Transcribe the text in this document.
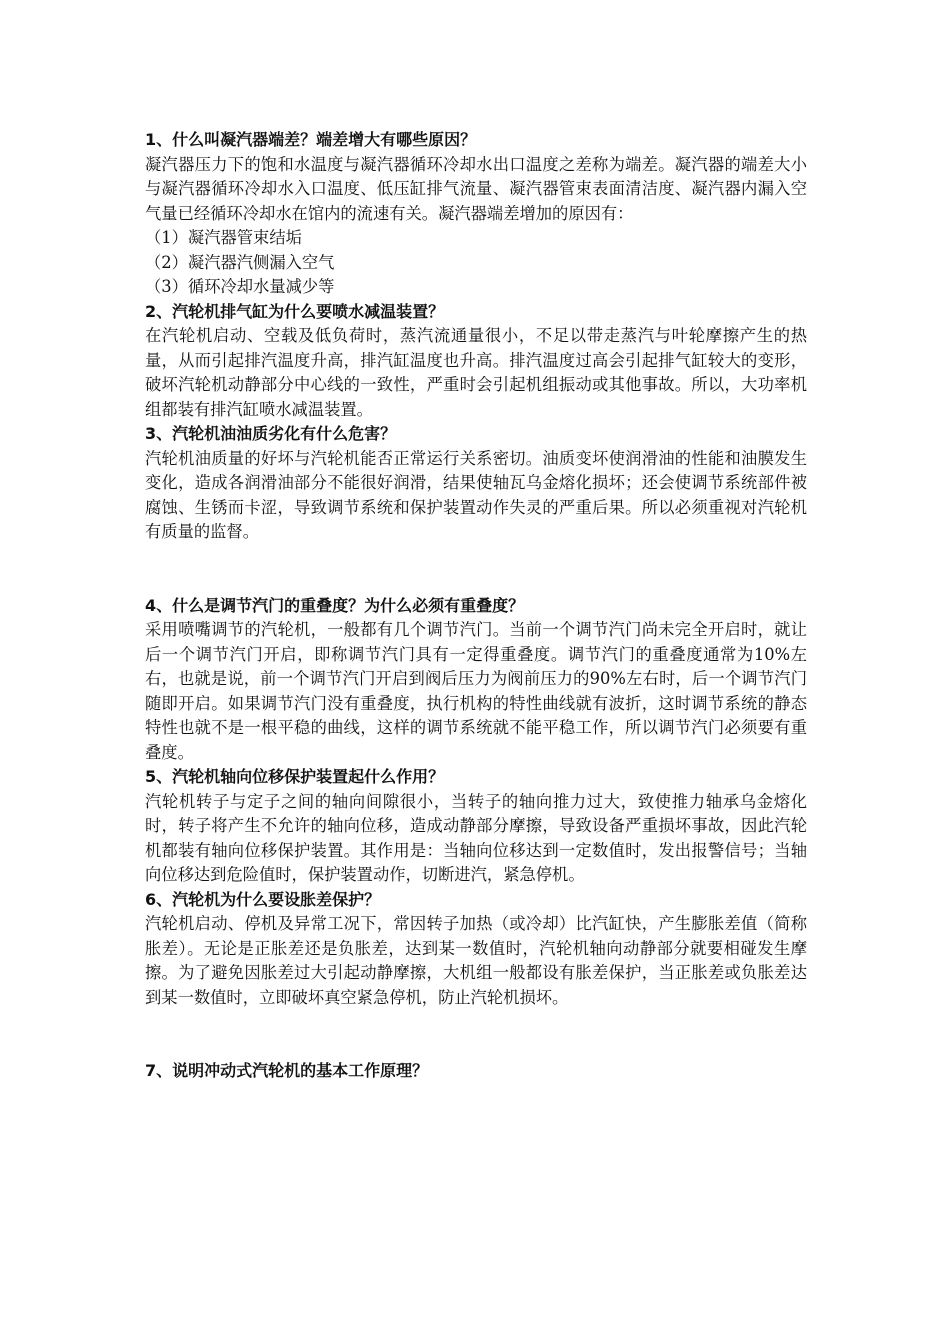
1、什么叫凝汽器端差？端差增大有哪些原因？
凝汽器压力下的饱和水温度与凝汽器循环冷却水出口温度之差称为端差。凝汽器的端差大小与凝汽器循环冷却水入口温度、低压缸排气流量、凝汽器管束表面清洁度、凝汽器内漏入空气量已经循环冷却水在馆内的流速有关。凝汽器端差增加的原因有：
（1）凝汽器管束结垢
（2）凝汽器汽侧漏入空气
（3）循环冷却水量减少等
2、汽轮机排气缸为什么要喷水减温装置？
在汽轮机启动、空载及低负荷时，蒸汽流通量很小，不足以带走蒸汽与叶轮摩擦产生的热量，从而引起排汽温度升高，排汽缸温度也升高。排汽温度过高会引起排气缸较大的变形，破坏汽轮机动静部分中心线的一致性，严重时会引起机组振动或其他事故。所以，大功率机组都装有排汽缸喷水减温装置。
3、汽轮机油油质劣化有什么危害？
汽轮机油质量的好坏与汽轮机能否正常运行关系密切。油质变坏使润滑油的性能和油膜发生变化，造成各润滑油部分不能很好润滑，结果使轴瓦乌金熔化损坏；还会使调节系统部件被腐蚀、生锈而卡涩，导致调节系统和保护装置动作失灵的严重后果。所以必须重视对汽轮机有质量的监督。
4、什么是调节汽门的重叠度？为什么必须有重叠度？
采用喷嘴调节的汽轮机，一般都有几个调节汽门。当前一个调节汽门尚未完全开启时，就让后一个调节汽门开启，即称调节汽门具有一定得重叠度。调节汽门的重叠度通常为10%左右，也就是说，前一个调节汽门开启到阀后压力为阀前压力的90%左右时，后一个调节汽门随即开启。如果调节汽门没有重叠度，执行机构的特性曲线就有波折，这时调节系统的静态特性也就不是一根平稳的曲线，这样的调节系统就不能平稳工作，所以调节汽门必须要有重叠度。
5、汽轮机轴向位移保护装置起什么作用？
汽轮机转子与定子之间的轴向间隙很小，当转子的轴向推力过大，致使推力轴承乌金熔化时，转子将产生不允许的轴向位移，造成动静部分摩擦，导致设备严重损坏事故，因此汽轮机都装有轴向位移保护装置。其作用是：当轴向位移达到一定数值时，发出报警信号；当轴向位移达到危险值时，保护装置动作，切断进汽，紧急停机。
6、汽轮机为什么要设胀差保护？
汽轮机启动、停机及异常工况下，常因转子加热（或冷却）比汽缸快，产生膨胀差值（简称胀差）。无论是正胀差还是负胀差，达到某一数值时，汽轮机轴向动静部分就要相碰发生摩擦。为了避免因胀差过大引起动静摩擦，大机组一般都设有胀差保护，当正胀差或负胀差达到某一数值时，立即破坏真空紧急停机，防止汽轮机损坏。
7、说明冲动式汽轮机的基本工作原理？
